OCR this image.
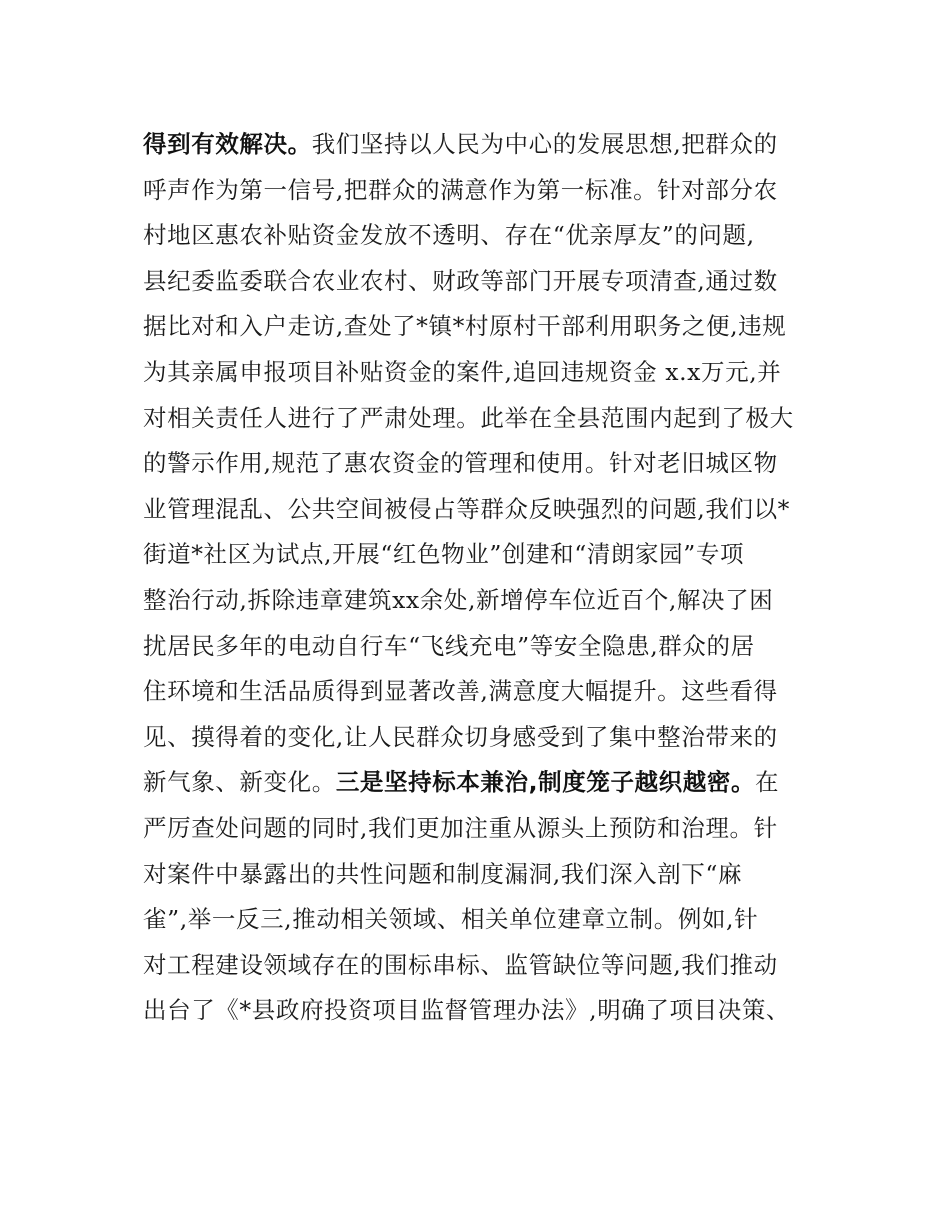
得到有效解决。我们坚持以人民为中心的发展思想,把群众的
呼声作为第一信号,把群众的满意作为第一标准。针对部分农
村地区惠农补贴资金发放不透明、存在“优亲厚友”的问题,
县纪委监委联合农业农村、财政等部门开展专项清查,通过数
据比对和入户走访,查处了*镇*村原村干部利用职务之便,违规
为其亲属申报项目补贴资金的案件,追回违规资金 x.x万元,并
对相关责任人进行了严肃处理。此举在全县范围内起到了极大
的警示作用,规范了惠农资金的管理和使用。针对老旧城区物
业管理混乱、公共空间被侵占等群众反映强烈的问题,我们以*
街道*社区为试点,开展“红色物业”创建和“清朗家园”专项
整治行动,拆除违章建筑xx余处,新增停车位近百个,解决了困
扰居民多年的电动自行车“飞线充电”等安全隐患,群众的居
住环境和生活品质得到显著改善,满意度大幅提升。这些看得
见、摸得着的变化,让人民群众切身感受到了集中整治带来的
新气象、新变化。三是坚持标本兼治,制度笼子越织越密。在
严厉查处问题的同时,我们更加注重从源头上预防和治理。针
对案件中暴露出的共性问题和制度漏洞,我们深入剖下“麻
雀”,举一反三,推动相关领域、相关单位建章立制。例如,针
对工程建设领域存在的围标串标、监管缺位等问题,我们推动
出台了《*县政府投资项目监督管理办法》,明确了项目决策、
